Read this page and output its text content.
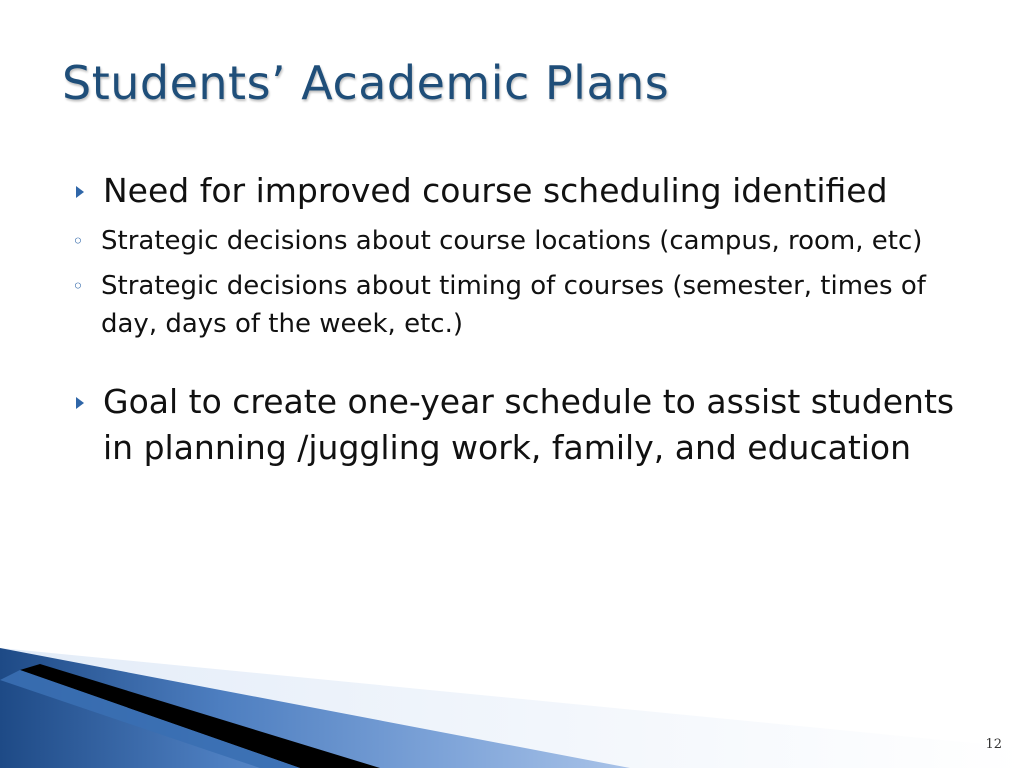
Students’ Academic Plans
Need for improved course scheduling identified
◦ Strategic decisions about course locations (campus, room, etc)
◦ Strategic decisions about timing of courses (semester, times of day, days of the week, etc.)
Goal to create one-year schedule to assist students in planning /juggling work, family, and education
12
